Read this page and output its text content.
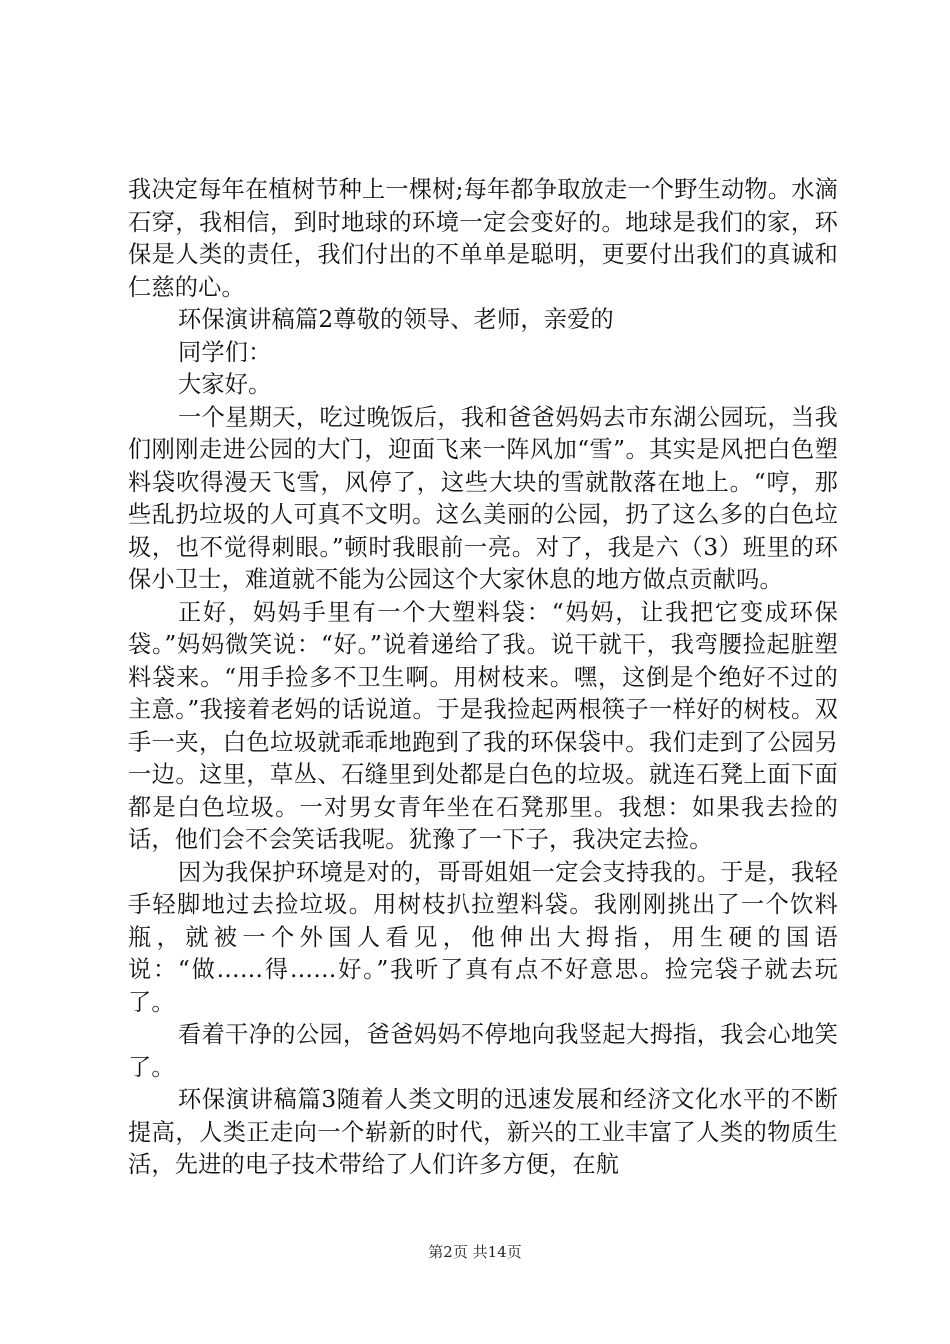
我决定每年在植树节种上一棵树;每年都争取放走一个野生动物。水滴石穿，我相信，到时地球的环境一定会变好的。地球是我们的家，环保是人类的责任，我们付出的不单单是聪明，更要付出我们的真诚和仁慈的心。

环保演讲稿篇2尊敬的领导、老师，亲爱的

同学们：

大家好。

一个星期天，吃过晚饭后，我和爸爸妈妈去市东湖公园玩，当我们刚刚走进公园的大门，迎面飞来一阵风加“雪”。其实是风把白色塑料袋吹得漫天飞雪，风停了，这些大块的雪就散落在地上。“哼，那些乱扔垃圾的人可真不文明。这么美丽的公园，扔了这么多的白色垃圾，也不觉得刺眼。”顿时我眼前一亮。对了，我是六（3）班里的环保小卫士，难道就不能为公园这个大家休息的地方做点贡献吗。

正好，妈妈手里有一个大塑料袋：“妈妈，让我把它变成环保袋。”妈妈微笑说：“好。”说着递给了我。说干就干，我弯腰捡起脏塑料袋来。“用手捡多不卫生啊。用树枝来。嘿，这倒是个绝好不过的主意。”我接着老妈的话说道。于是我捡起两根筷子一样好的树枝。双手一夹，白色垃圾就乖乖地跑到了我的环保袋中。我们走到了公园另一边。这里，草丛、石缝里到处都是白色的垃圾。就连石凳上面下面都是白色垃圾。一对男女青年坐在石凳那里。我想：如果我去捡的话，他们会不会笑话我呢。犹豫了一下子，我决定去捡。

因为我保护环境是对的，哥哥姐姐一定会支持我的。于是，我轻手轻脚地过去捡垃圾。用树枝扒拉塑料袋。我刚刚挑出了一个饮料瓶，就被一个外国人看见，他伸出大拇指，用生硬的国语说：“做……得……好。”我听了真有点不好意思。捡完袋子就去玩了。

看着干净的公园，爸爸妈妈不停地向我竖起大拇指，我会心地笑了。

环保演讲稿篇3随着人类文明的迅速发展和经济文化水平的不断提高，人类正走向一个崭新的时代，新兴的工业丰富了人类的物质生活，先进的电子技术带给了人们许多方便，在航

第2页 共14页
